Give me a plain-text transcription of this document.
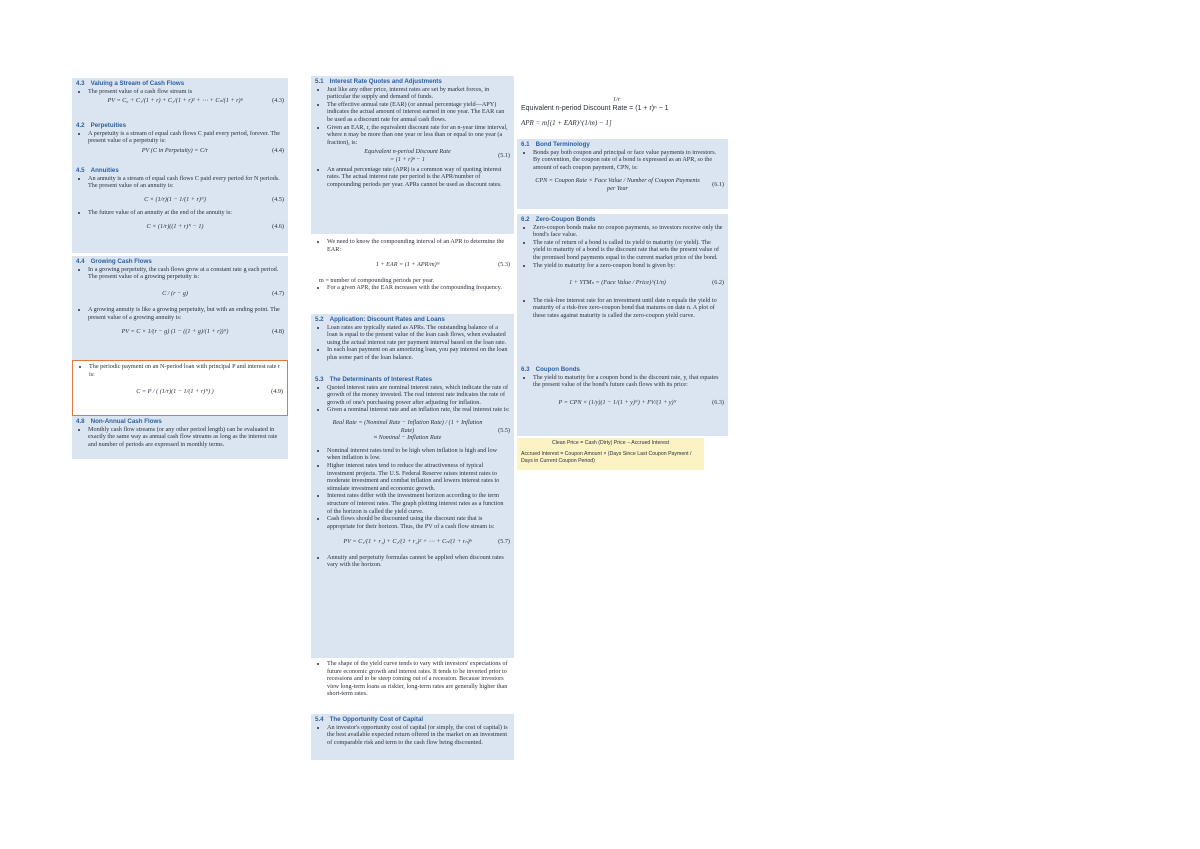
4.3 Valuing a Stream of Cash Flows
• The present value of a cash flow stream is
PV = C₀ + C₁/(1 + r) + C₂/(1 + r)² + ⋯ + Cₙ/(1 + r)ⁿ	(4.3)
4.2 Perpetuities
• A perpetuity is a stream of equal cash flows C paid every period, forever. The present value of a perpetuity is:
PV (C in Perpetuity) = C/r	(4.4)
4.5 Annuities
• An annuity is a stream of equal cash flows C paid every period for N periods. The present value of an annuity is:
C × (1/r)(1 − 1/(1 + r)ᴺ)	(4.5)
• The future value of an annuity at the end of the annuity is:
C × (1/r)((1 + r)ᴺ − 1)	(4.6)
4.4 Growing Cash Flows
• In a growing perpetuity, the cash flows grow at a constant rate g each period. The present value of a growing perpetuity is:
C / (r − g)	(4.7)
• A growing annuity is like a growing perpetuity, but with an ending point. The present value of a growing annuity is:
PV = C × 1/(r − g) (1 − ((1 + g)/(1 + r))ᴺ)	(4.8)
• The periodic payment on an N-period loan with principal P and interest rate r is:
C = P / ( (1/r)(1 − 1/(1 + r)ᴺ) )	(4.9)
4.8 Non-Annual Cash Flows
• Monthly cash flow streams (or any other period length) can be evaluated in exactly the same way as annual cash flow streams as long as the interest rate and number of periods are expressed in monthly terms.
5.1 Interest Rate Quotes and Adjustments
• Just like any other price, interest rates are set by market forces, in particular the supply and demand of funds.
• The effective annual rate (EAR) (or annual percentage yield—APY) indicates the actual amount of interest earned in one year. The EAR can be used as a discount rate for annual cash flows.
• Given an EAR, r, the equivalent discount rate for an n-year time interval, where n may be more than one year or less than or equal to one year (a fraction), is:
Equivalent n-period Discount Rate
= (1 + r)ⁿ − 1
(5.1)
• An annual percentage rate (APR) is a common way of quoting interest rates. The actual interest rate per period is the APR/number of compounding periods per year. APRs cannot be used as discount rates.
• We need to know the compounding interval of an APR to determine the EAR:
1 + EAR = (1 + APR/m)ᵐ	(5.3)
m = number of compounding periods per year.
• For a given APR, the EAR increases with the compounding frequency.
5.2 Application: Discount Rates and Loans
• Loan rates are typically stated as APRs. The outstanding balance of a loan is equal to the present value of the loan cash flows, when evaluated using the actual interest rate per payment interval based on the loan rate.
• In each loan payment on an amortizing loan, you pay interest on the loan plus some part of the loan balance.
5.3 The Determinants of Interest Rates
• Quoted interest rates are nominal interest rates, which indicate the rate of growth of the money invested. The real interest rate indicates the rate of growth of one's purchasing power after adjusting for inflation.
• Given a nominal interest rate and an inflation rate, the real interest rate is:
Real Rate = (Nominal Rate − Inflation Rate) / (1 + Inflation Rate)
≈ Nominal − Inflation Rate
(5.5)
• Nominal interest rates tend to be high when inflation is high and low when inflation is low.
• Higher interest rates tend to reduce the attractiveness of typical investment projects. The U.S. Federal Reserve raises interest rates to moderate investment and combat inflation and lowers interest rates to stimulate investment and economic growth.
• Interest rates differ with the investment horizon according to the term structure of interest rates. The graph plotting interest rates as a function of the horizon is called the yield curve.
• Cash flows should be discounted using the discount rate that is appropriate for their horizon. Thus, the PV of a cash flow stream is:
PV = C₁/(1 + r₁) + C₂/(1 + r₂)² + ⋯ + Cₙ/(1 + rₙ)ⁿ	(5.7)
• Annuity and perpetuity formulas cannot be applied when discount rates vary with the horizon.
• The shape of the yield curve tends to vary with investors' expectations of future economic growth and interest rates. It tends to be inverted prior to recessions and to be steep coming out of a recession. Because investors view long-term loans as riskier, long-term rates are generally higher than short-term rates.
5.4 The Opportunity Cost of Capital
• An investor's opportunity cost of capital (or simply, the cost of capital) is the best available expected return offered in the market on an investment of comparable risk and term to the cash flow being discounted.
1/r
Equivalent n-period Discount Rate = (1 + r)ⁿ − 1
APR = m[(1 + EAR)^(1/m) − 1]
6.1 Bond Terminology
• Bonds pay both coupon and principal or face value payments to investors. By convention, the coupon rate of a bond is expressed as an APR, so the amount of each coupon payment, CPN, is:
CPN = Coupon Rate × Face Value / Number of Coupon Payments per Year
(6.1)
6.2 Zero-Coupon Bonds
• Zero-coupon bonds make no coupon payments, so investors receive only the bond's face value.
• The rate of return of a bond is called its yield to maturity (or yield). The yield to maturity of a bond is the discount rate that sets the present value of the promised bond payments equal to the current market price of the bond.
• The yield to maturity for a zero-coupon bond is given by:
1 + YTMₙ = (Face Value / Price)^(1/n)	(6.2)
• The risk-free interest rate for an investment until date n equals the yield to maturity of a risk-free zero-coupon bond that matures on date n. A plot of these rates against maturity is called the zero-coupon yield curve.
6.3 Coupon Bonds
• The yield to maturity for a coupon bond is the discount rate, y, that equates the present value of the bond's future cash flows with its price:
P = CPN × (1/y)(1 − 1/(1 + y)ᴺ) + FV/(1 + y)ᴺ	(6.3)
Clean Price = Cash (Dirty) Price − Accrued Interest
Accrued Interest = Coupon Amount × (Days Since Last Coupon Payment / Days in Current Coupon Period)
